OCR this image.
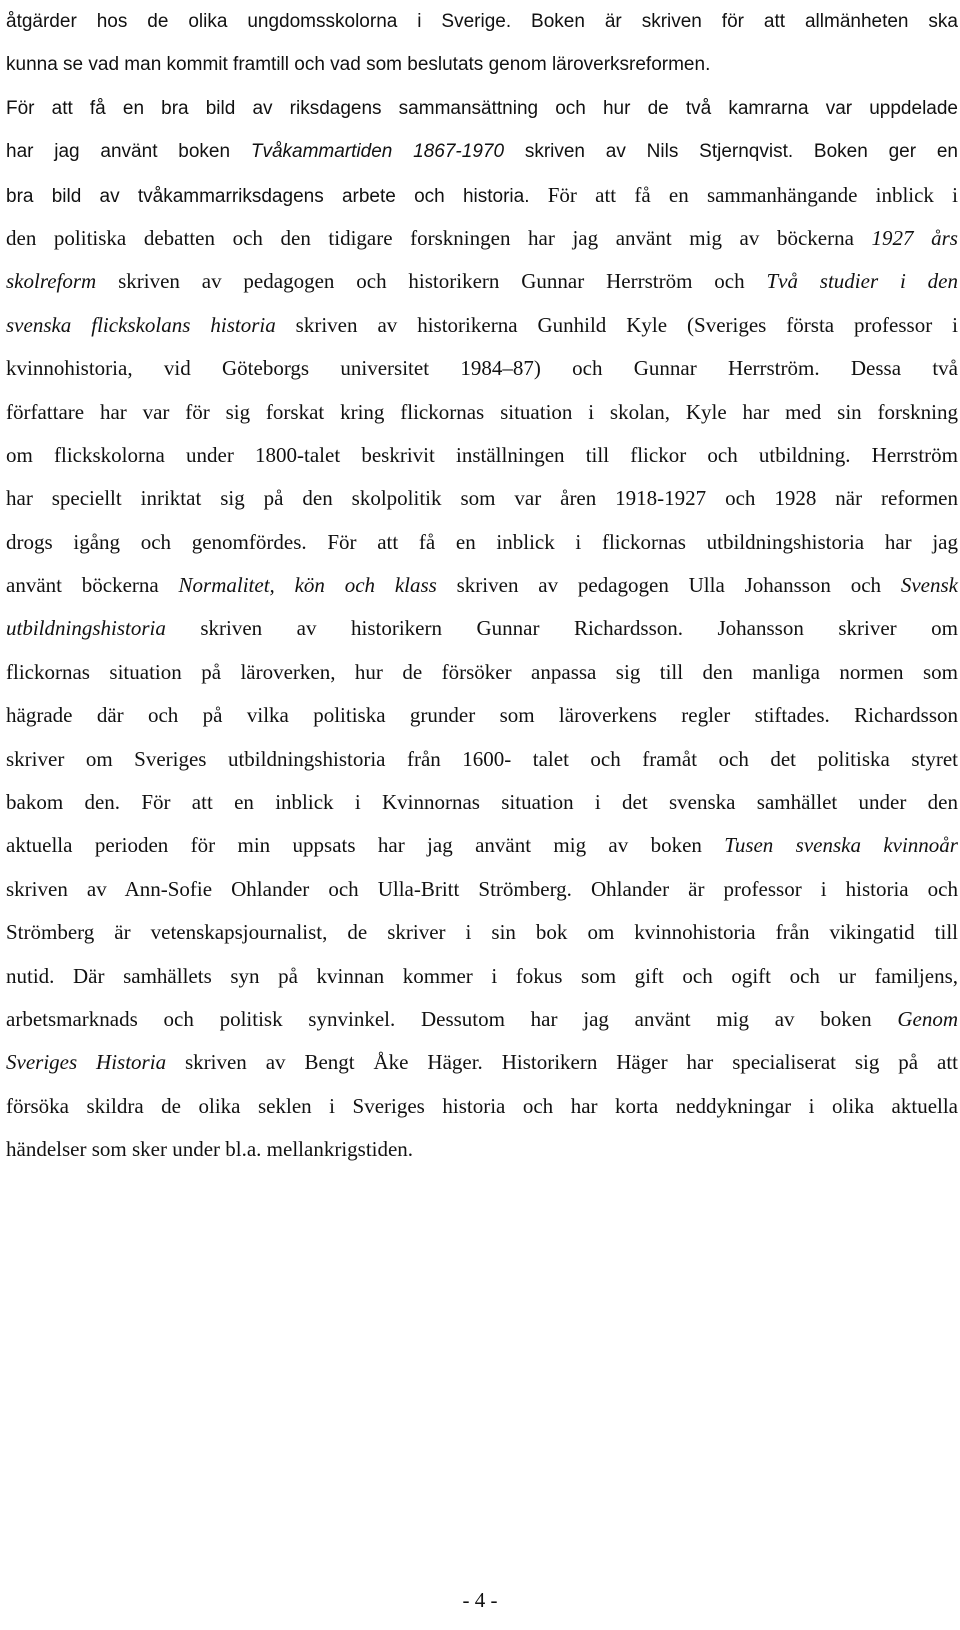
åtgärder hos de olika ungdomsskolorna i Sverige. Boken är skriven för att allmänheten ska
kunna se vad man kommit framtill och vad som beslutats genom läroverksreformen.
För att få en bra bild av riksdagens sammansättning och hur de två kamrarna var uppdelade
har jag använt boken Tvåkammartiden 1867-1970 skriven av Nils Stjernqvist. Boken ger en
bra bild av tvåkammarriksdagens arbete och historia. För att få en sammanhängande inblick i
den politiska debatten och den tidigare forskningen har jag använt mig av böckerna 1927 års
skolreform skriven av pedagogen och historikern Gunnar Herrström och Två studier i den
svenska flickskolans historia skriven av historikerna Gunhild Kyle (Sveriges första professor i
kvinnohistoria, vid Göteborgs universitet 1984–87) och Gunnar Herrström. Dessa två
författare har var för sig forskat kring flickornas situation i skolan, Kyle har med sin forskning
om flickskolorna under 1800-talet beskrivit inställningen till flickor och utbildning. Herrström
har speciellt inriktat sig på den skolpolitik som var åren 1918-1927 och 1928 när reformen
drogs igång och genomfördes. För att få en inblick i flickornas utbildningshistoria har jag
använt böckerna Normalitet, kön och klass skriven av pedagogen Ulla Johansson och Svensk
utbildningshistoria skriven av historikern Gunnar Richardsson. Johansson skriver om
flickornas situation på läroverken, hur de försöker anpassa sig till den manliga normen som
hägrade där och på vilka politiska grunder som läroverkens regler stiftades. Richardsson
skriver om Sveriges utbildningshistoria från 1600- talet och framåt och det politiska styret
bakom den. För att en inblick i Kvinnornas situation i det svenska samhället under den
aktuella perioden för min uppsats har jag använt mig av boken Tusen svenska kvinnoår
skriven av Ann-Sofie Ohlander och Ulla-Britt Strömberg. Ohlander är professor i historia och
Strömberg är vetenskapsjournalist, de skriver i sin bok om kvinnohistoria från vikingatid till
nutid. Där samhällets syn på kvinnan kommer i fokus som gift och ogift och ur familjens,
arbetsmarknads och politisk synvinkel. Dessutom har jag använt mig av boken Genom
Sveriges Historia skriven av Bengt Åke Häger. Historikern Häger har specialiserat sig på att
försöka skildra de olika seklen i Sveriges historia och har korta neddykningar i olika aktuella
händelser som sker under bl.a. mellankrigstiden.
- 4 -
